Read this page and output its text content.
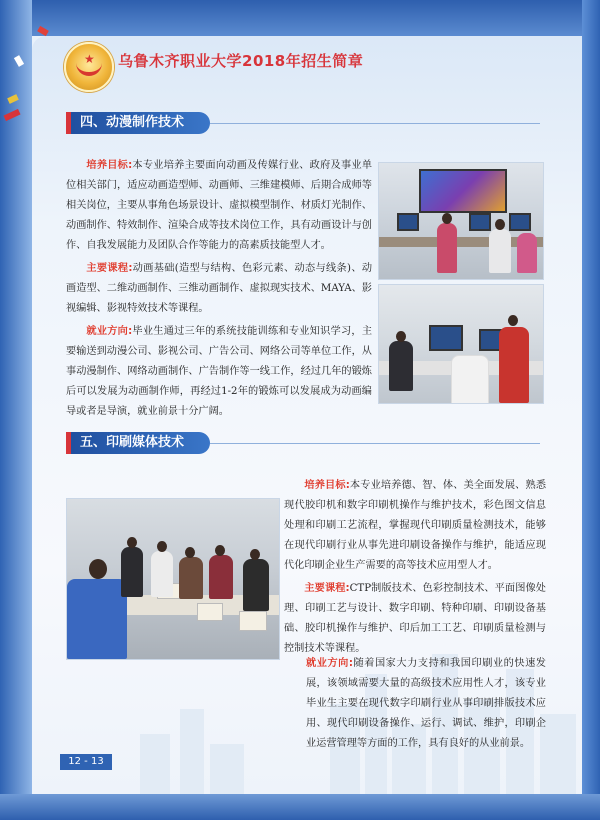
★ 乌鲁木齐职业大学2018年招生简章
四、动漫制作技术

培养目标:本专业培养主要面向动画及传媒行业、政府及事业单位相关部门，适应动画造型师、动画师、三维建模师、后期合成师等相关岗位，主要从事角色场景设计、虚拟模型制作、材质灯光制作、动画制作、特效制作、渲染合成等技术岗位工作，具有动画设计与创作、自我发展能力及团队合作等能力的高素质技能型人才。

主要课程:动画基础(造型与结构、色彩元素、动态与线条)、动画造型、二维动画制作、三维动画制作、虚拟现实技术、MAYA、影视编辑、影视特效技术等课程。

就业方向:毕业生通过三年的系统技能训练和专业知识学习，主要输送到动漫公司、影视公司、广告公司、网络公司等单位工作，从事动漫制作、网络动画制作、广告制作等一线工作，经过几年的锻炼后可以发展为动画制作师，再经过1-2年的锻炼可以发展成为动画编导或者是导演，就业前景十分广阔。

五、印刷媒体技术

培养目标:本专业培养德、智、体、美全面发展、熟悉现代胶印机和数字印刷机操作与维护技术，彩色图文信息处理和印刷工艺流程，掌握现代印刷质量检测技术，能够在现代印刷行业从事先进印刷设备操作与维护，能适应现代化印刷企业生产需要的高等技术应用型人才。

主要课程:CTP制版技术、色彩控制技术、平面图像处理、印刷工艺与设计、数字印刷、特种印刷、印刷设备基础、胶印机操作与维护、印后加工工艺、印刷质量检测与控制技术等课程。

就业方向:随着国家大力支持和我国印刷业的快速发展，该领域需要大量的高级技术应用性人才，该专业毕业生主要在现代数字印刷行业从事印刷排版技术应用、现代印刷设备操作、运行、调试、维护，印刷企业运营管理等方面的工作，具有良好的从业前景。

12 - 13
